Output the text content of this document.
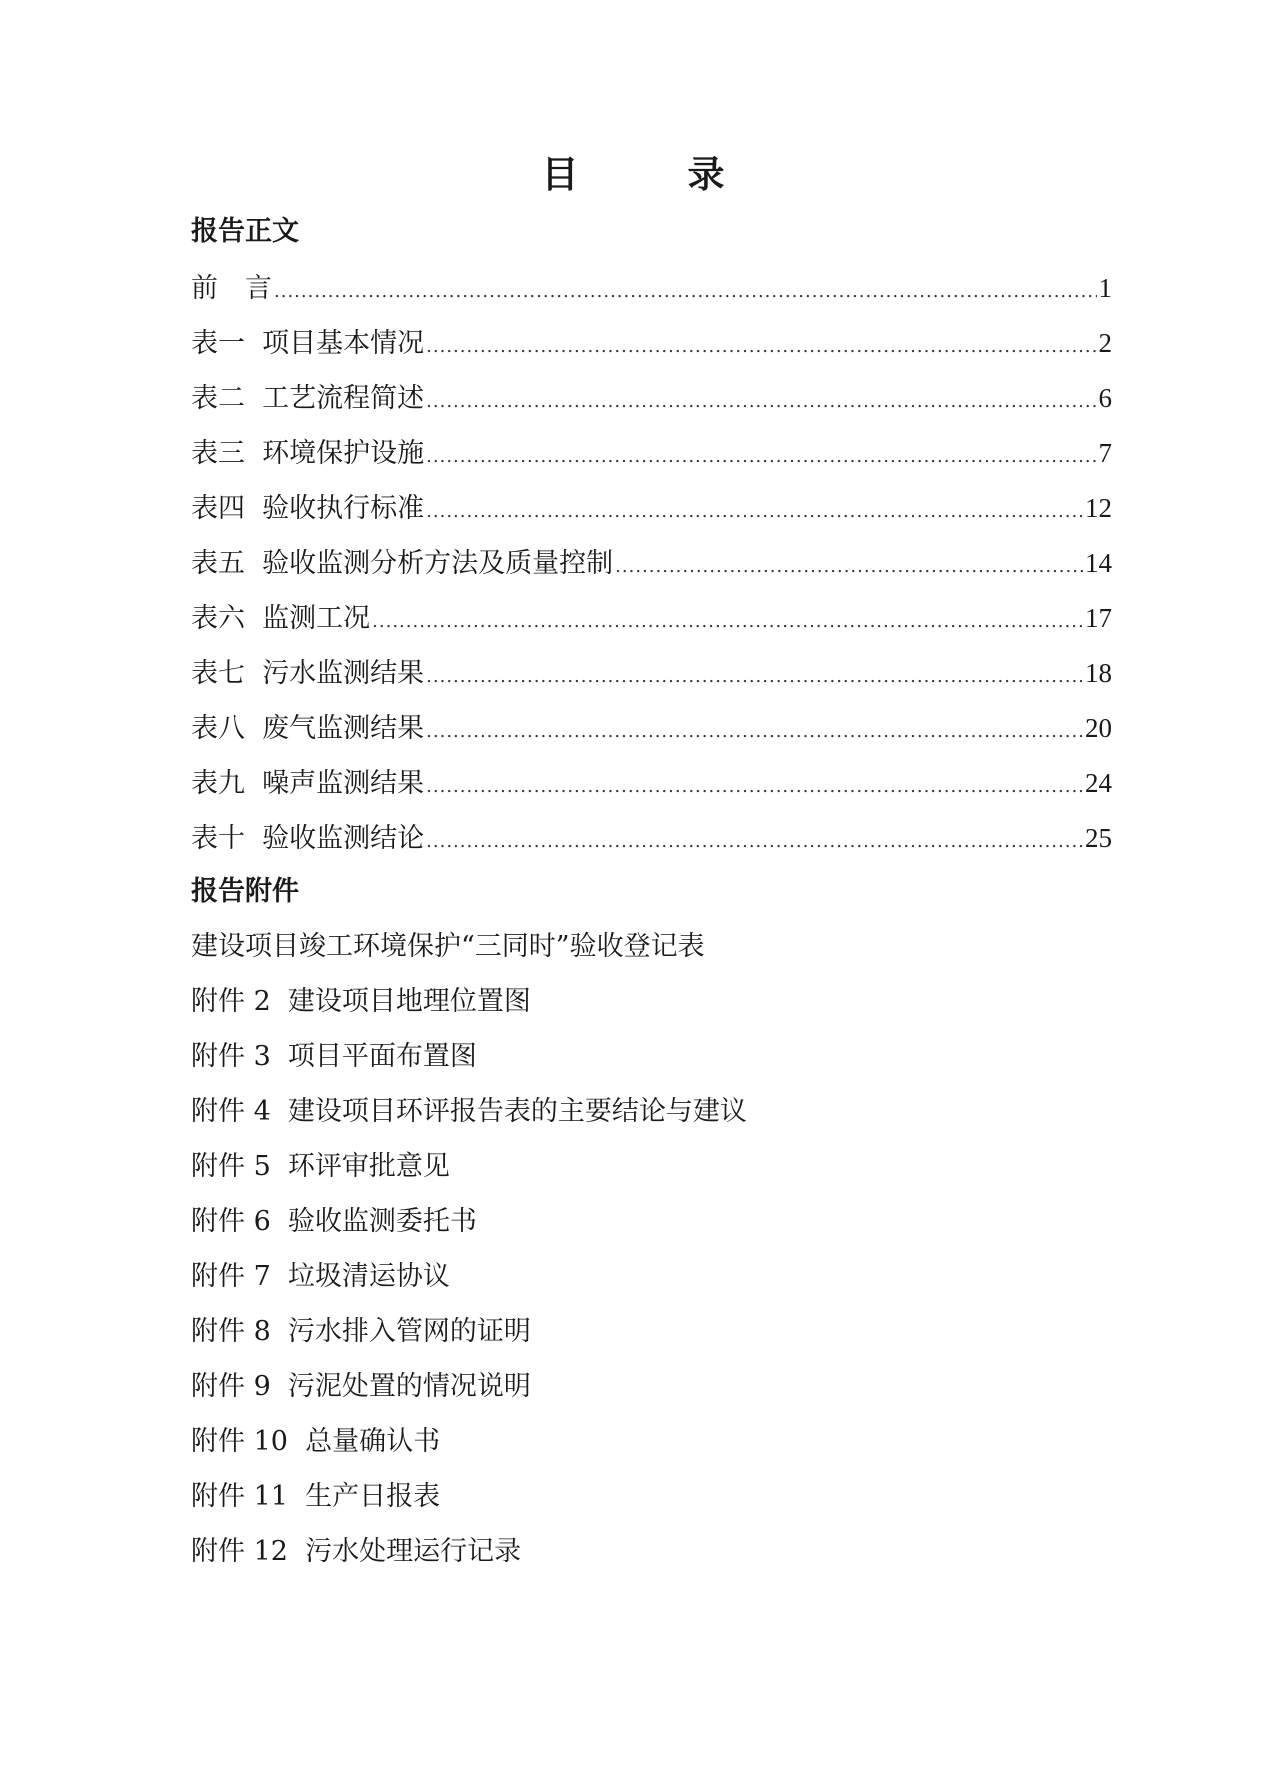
目　录
报告正文
前　言 .....	1
表一  项目基本情况 .....	2
表二  工艺流程简述 .....	6
表三  环境保护设施 .....	7
表四  验收执行标准 .....	12
表五  验收监测分析方法及质量控制 .....	14
表六  监测工况 .....	17
表七  污水监测结果 .....	18
表八  废气监测结果 .....	20
表九  噪声监测结果 .....	24
表十  验收监测结论 .....	25
报告附件
建设项目竣工环境保护“三同时”验收登记表
附件 2  建设项目地理位置图
附件 3  项目平面布置图
附件 4  建设项目环评报告表的主要结论与建议
附件 5  环评审批意见
附件 6  验收监测委托书
附件 7  垃圾清运协议
附件 8  污水排入管网的证明
附件 9  污泥处置的情况说明
附件 10  总量确认书
附件 11  生产日报表
附件 12  污水处理运行记录
